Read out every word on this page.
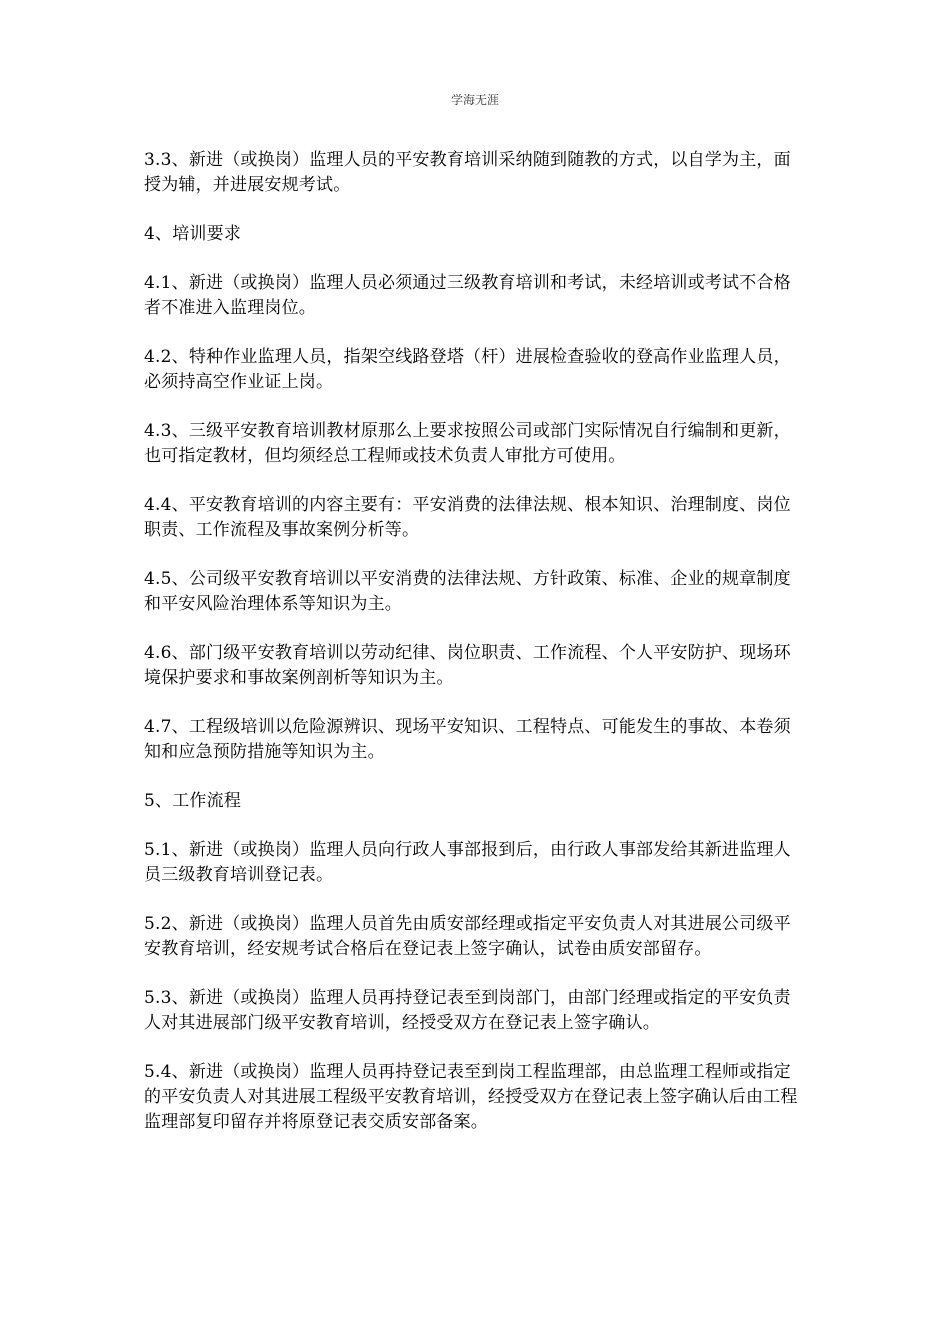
学海无涯

3.3、新进（或换岗）监理人员的平安教育培训采纳随到随教的方式，以自学为主，面授为辅，并进展安规考试。

4、培训要求

4.1、新进（或换岗）监理人员必须通过三级教育培训和考试，未经培训或考试不合格者不准进入监理岗位。

4.2、特种作业监理人员，指架空线路登塔（杆）进展检查验收的登高作业监理人员，必须持高空作业证上岗。

4.3、三级平安教育培训教材原那么上要求按照公司或部门实际情况自行编制和更新，也可指定教材，但均须经总工程师或技术负责人审批方可使用。

4.4、平安教育培训的内容主要有：平安消费的法律法规、根本知识、治理制度、岗位职责、工作流程及事故案例分析等。

4.5、公司级平安教育培训以平安消费的法律法规、方针政策、标准、企业的规章制度和平安风险治理体系等知识为主。

4.6、部门级平安教育培训以劳动纪律、岗位职责、工作流程、个人平安防护、现场环境保护要求和事故案例剖析等知识为主。

4.7、工程级培训以危险源辨识、现场平安知识、工程特点、可能发生的事故、本卷须知和应急预防措施等知识为主。

5、工作流程

5.1、新进（或换岗）监理人员向行政人事部报到后，由行政人事部发给其新进监理人员三级教育培训登记表。

5.2、新进（或换岗）监理人员首先由质安部经理或指定平安负责人对其进展公司级平安教育培训，经安规考试合格后在登记表上签字确认，试卷由质安部留存。

5.3、新进（或换岗）监理人员再持登记表至到岗部门，由部门经理或指定的平安负责人对其进展部门级平安教育培训，经授受双方在登记表上签字确认。

5.4、新进（或换岗）监理人员再持登记表至到岗工程监理部，由总监理工程师或指定的平安负责人对其进展工程级平安教育培训，经授受双方在登记表上签字确认后由工程监理部复印留存并将原登记表交质安部备案。
